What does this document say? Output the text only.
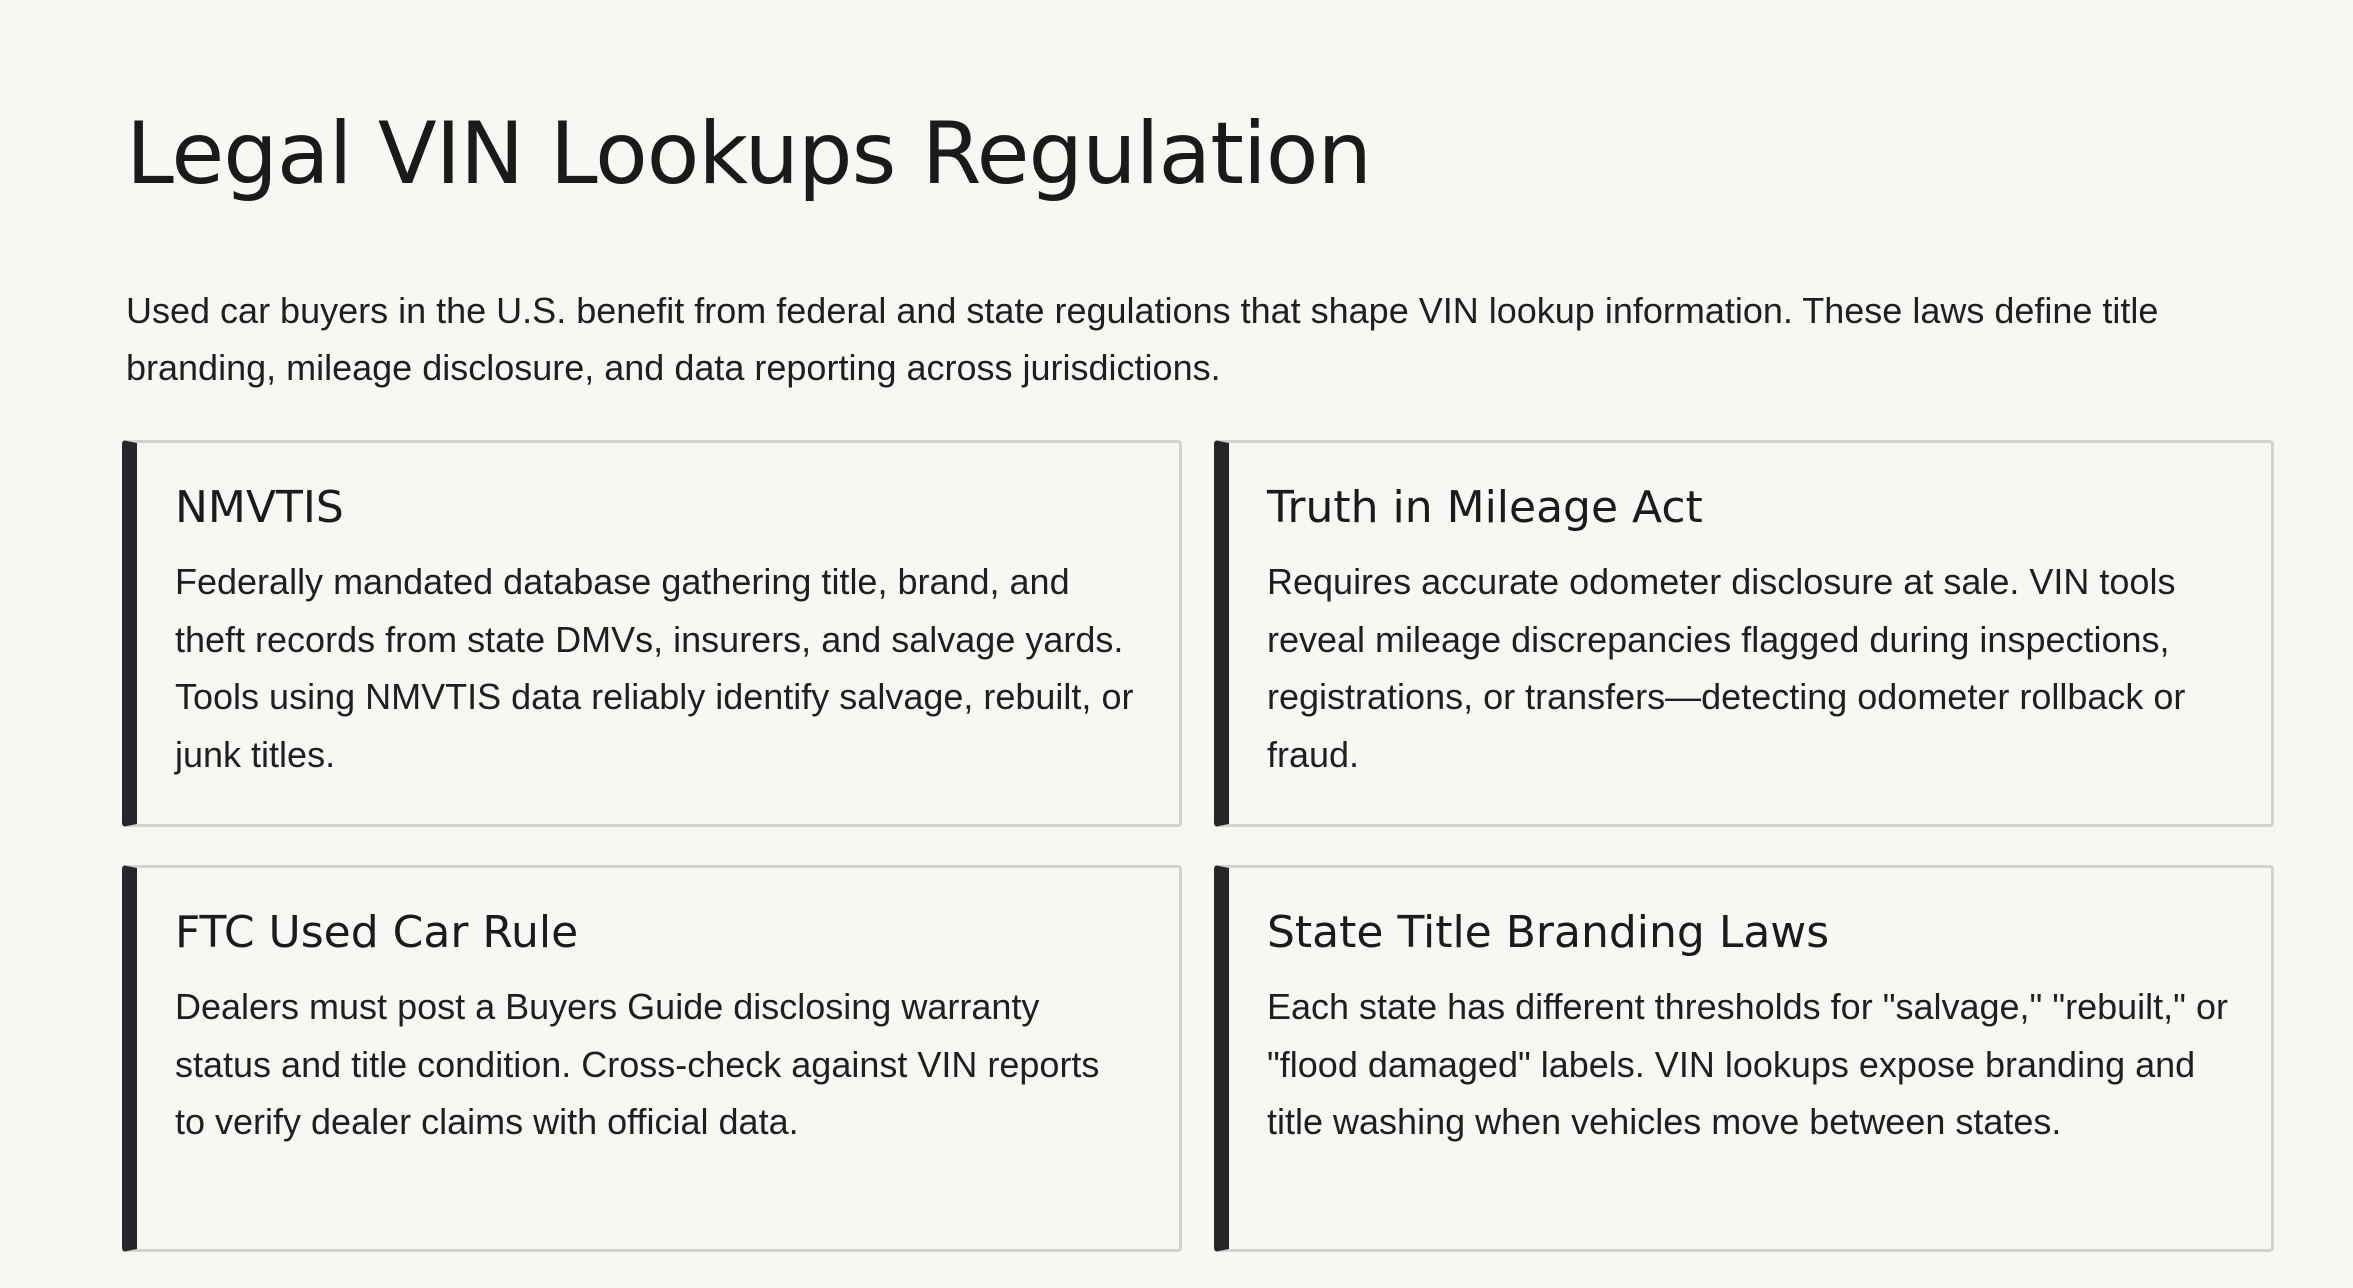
Legal VIN Lookups Regulation

Used car buyers in the U.S. benefit from federal and state regulations that shape VIN lookup information. These laws define title branding, mileage disclosure, and data reporting across jurisdictions.

NMVTIS

Federally mandated database gathering title, brand, and theft records from state DMVs, insurers, and salvage yards. Tools using NMVTIS data reliably identify salvage, rebuilt, or junk titles.

Truth in Mileage Act

Requires accurate odometer disclosure at sale. VIN tools reveal mileage discrepancies flagged during inspections, registrations, or transfers—detecting odometer rollback or fraud.

FTC Used Car Rule

Dealers must post a Buyers Guide disclosing warranty status and title condition. Cross-check against VIN reports to verify dealer claims with official data.

State Title Branding Laws

Each state has different thresholds for "salvage," "rebuilt," or "flood damaged" labels. VIN lookups expose branding and title washing when vehicles move between states.
